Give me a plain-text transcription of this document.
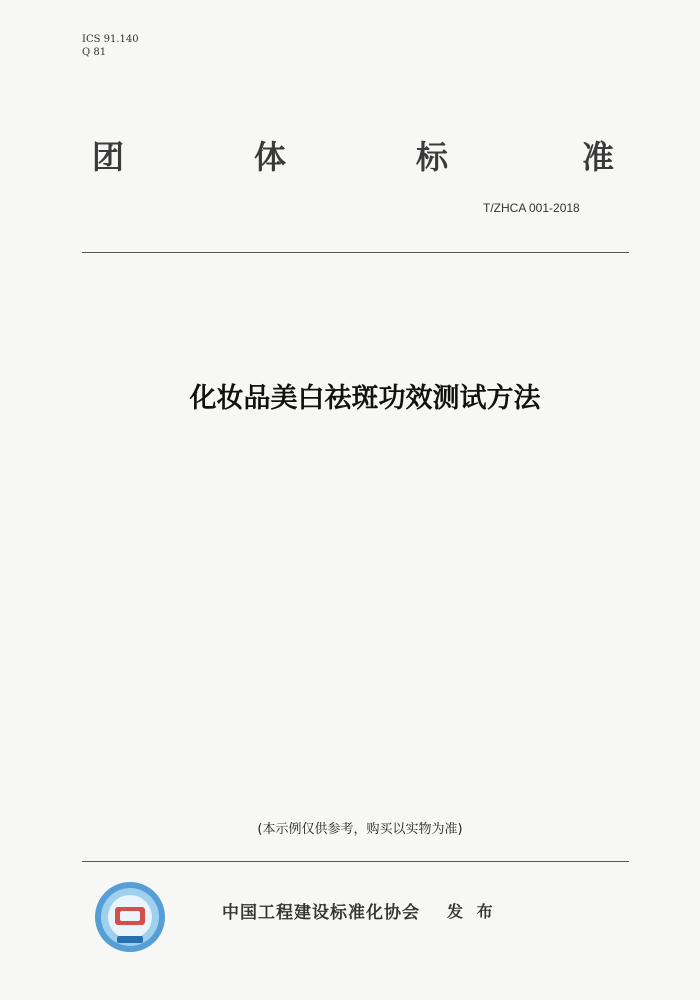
ICS 91.140
Q 81
团	体	标	准
T/ZHCA 001-2018
化妆品美白祛斑功效测试方法
(本示例仅供参考，购买以实物为准)
中国工程建设标准化协会 发 布
